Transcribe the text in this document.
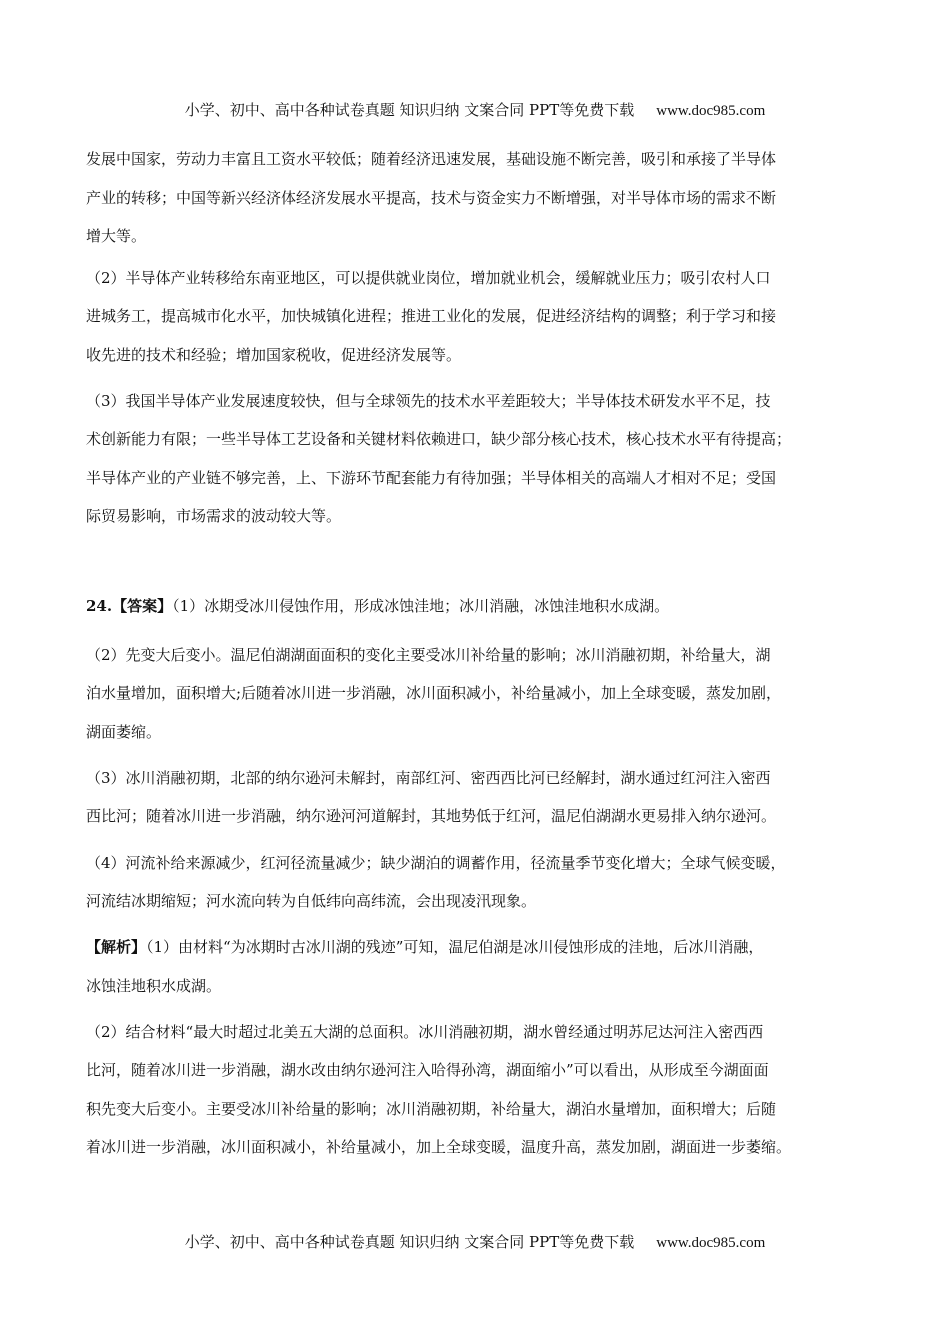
小学、初中、高中各种试卷真题 知识归纳 文案合同 PPT等免费下载 www.doc985.com
发展中国家，劳动力丰富且工资水平较低；随着经济迅速发展，基础设施不断完善，吸引和承接了半导体
产业的转移；中国等新兴经济体经济发展水平提高，技术与资金实力不断增强，对半导体市场的需求不断
增大等。
（2）半导体产业转移给东南亚地区，可以提供就业岗位，增加就业机会，缓解就业压力；吸引农村人口
进城务工，提高城市化水平，加快城镇化进程；推进工业化的发展，促进经济结构的调整；利于学习和接
收先进的技术和经验；增加国家税收，促进经济发展等。
（3）我国半导体产业发展速度较快，但与全球领先的技术水平差距较大；半导体技术研发水平不足，技
术创新能力有限；一些半导体工艺设备和关键材料依赖进口，缺少部分核心技术，核心技术水平有待提高；
半导体产业的产业链不够完善，上、下游环节配套能力有待加强；半导体相关的高端人才相对不足；受国
际贸易影响，市场需求的波动较大等。
24.【答案】（1）冰期受冰川侵蚀作用，形成冰蚀洼地；冰川消融，冰蚀洼地积水成湖。
（2）先变大后变小。温尼伯湖湖面面积的变化主要受冰川补给量的影响；冰川消融初期，补给量大，湖
泊水量增加，面积增大;后随着冰川进一步消融，冰川面积减小，补给量减小，加上全球变暖，蒸发加剧，
湖面萎缩。
（3）冰川消融初期，北部的纳尔逊河未解封，南部红河、密西西比河已经解封，湖水通过红河注入密西
西比河；随着冰川进一步消融，纳尔逊河河道解封，其地势低于红河，温尼伯湖湖水更易排入纳尔逊河。
（4）河流补给来源减少，红河径流量减少；缺少湖泊的调蓄作用，径流量季节变化增大；全球气候变暖，
河流结冰期缩短；河水流向转为自低纬向高纬流，会出现凌汛现象。
【解析】（1）由材料“为冰期时古冰川湖的残迹”可知，温尼伯湖是冰川侵蚀形成的洼地，后冰川消融，
冰蚀洼地积水成湖。
（2）结合材料“最大时超过北美五大湖的总面积。冰川消融初期，湖水曾经通过明苏尼达河注入密西西
比河，随着冰川进一步消融，湖水改由纳尔逊河注入哈得孙湾，湖面缩小”可以看出，从形成至今湖面面
积先变大后变小。主要受冰川补给量的影响；冰川消融初期，补给量大，湖泊水量增加，面积增大；后随
着冰川进一步消融，冰川面积减小，补给量减小，加上全球变暖，温度升高，蒸发加剧，湖面进一步萎缩。
小学、初中、高中各种试卷真题 知识归纳 文案合同 PPT等免费下载 www.doc985.com
